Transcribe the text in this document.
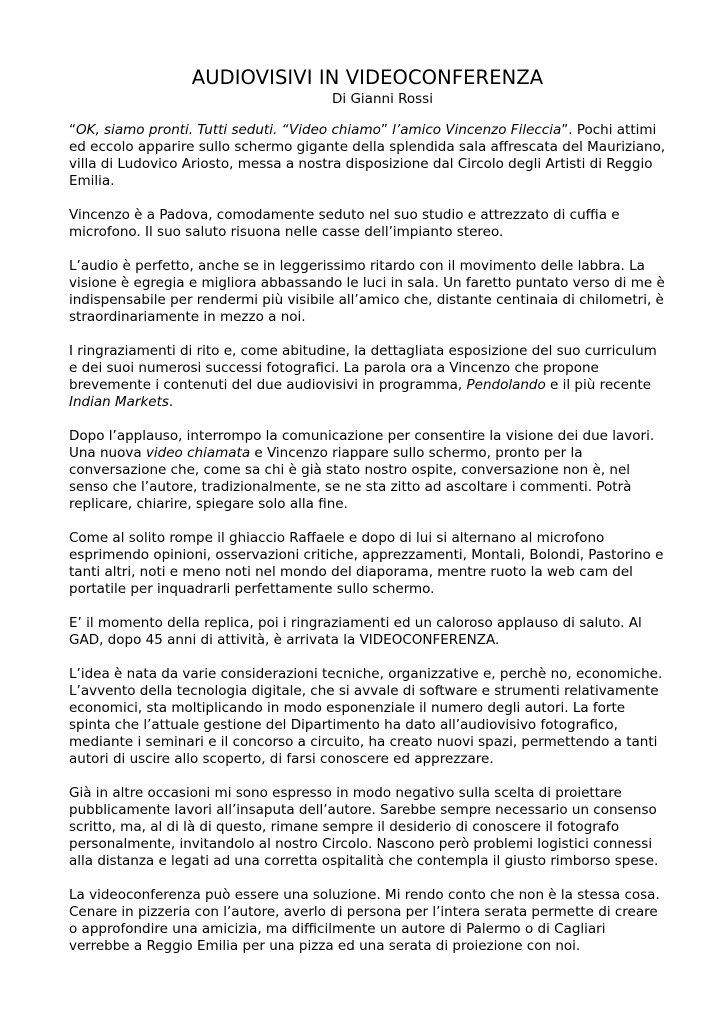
AUDIOVISIVI IN VIDEOCONFERENZA
Di Gianni Rossi

“OK, siamo pronti. Tutti seduti. “Video chiamo” l’amico Vincenzo Fileccia”. Pochi attimi ed eccolo apparire sullo schermo gigante della splendida sala affrescata del Mauriziano, villa di Ludovico Ariosto, messa a nostra disposizione dal Circolo degli Artisti di Reggio Emilia.

Vincenzo è a Padova, comodamente seduto nel suo studio e attrezzato di cuffia e microfono. Il suo saluto risuona nelle casse dell’impianto stereo.

L’audio è perfetto, anche se in leggerissimo ritardo con il movimento delle labbra. La visione è egregia e migliora abbassando le luci in sala. Un faretto puntato verso di me è indispensabile per rendermi più visibile all’amico che, distante centinaia di chilometri, è straordinariamente in mezzo a noi.

I ringraziamenti di rito e, come abitudine, la dettagliata esposizione del suo curriculum e dei suoi numerosi successi fotografici. La parola ora a Vincenzo che propone brevemente i contenuti del due audiovisivi in programma, Pendolando e il più recente Indian Markets.

Dopo l’applauso, interrompo la comunicazione per consentire la visione dei due lavori. Una nuova video chiamata e Vincenzo riappare sullo schermo, pronto per la conversazione che, come sa chi è già stato nostro ospite, conversazione non è, nel senso che l’autore, tradizionalmente, se ne sta zitto ad ascoltare i commenti. Potrà replicare, chiarire, spiegare solo alla fine.

Come al solito rompe il ghiaccio Raffaele e dopo di lui si alternano al microfono esprimendo opinioni, osservazioni critiche, apprezzamenti, Montali, Bolondi, Pastorino e tanti altri, noti e meno noti nel mondo del diaporama, mentre ruoto la web cam del portatile per inquadrarli perfettamente sullo schermo.

E’ il momento della replica, poi i ringraziamenti ed un caloroso applauso di saluto. Al GAD, dopo 45 anni di attività, è arrivata la VIDEOCONFERENZA.

L’idea è nata da varie considerazioni tecniche, organizzative e, perchè no, economiche. L’avvento della tecnologia digitale, che si avvale di software e strumenti relativamente economici, sta moltiplicando in modo esponenziale il numero degli autori. La forte spinta che l’attuale gestione del Dipartimento ha dato all’audiovisivo fotografico, mediante i seminari e il concorso a circuito, ha creato nuovi spazi, permettendo a tanti autori di uscire allo scoperto, di farsi conoscere ed apprezzare.

Già in altre occasioni mi sono espresso in modo negativo sulla scelta di proiettare pubblicamente lavori all’insaputa dell’autore. Sarebbe sempre necessario un consenso scritto, ma, al di là di questo, rimane sempre il desiderio di conoscere il fotografo personalmente, invitandolo al nostro Circolo. Nascono però problemi logistici connessi alla distanza e legati ad una corretta ospitalità che contempla il giusto rimborso spese.

La videoconferenza può essere una soluzione. Mi rendo conto che non è la stessa cosa. Cenare in pizzeria con l’autore, averlo di persona per l’intera serata permette di creare o approfondire una amicizia, ma difficilmente un autore di Palermo o di Cagliari verrebbe a Reggio Emilia per una pizza ed una serata di proiezione con noi.
